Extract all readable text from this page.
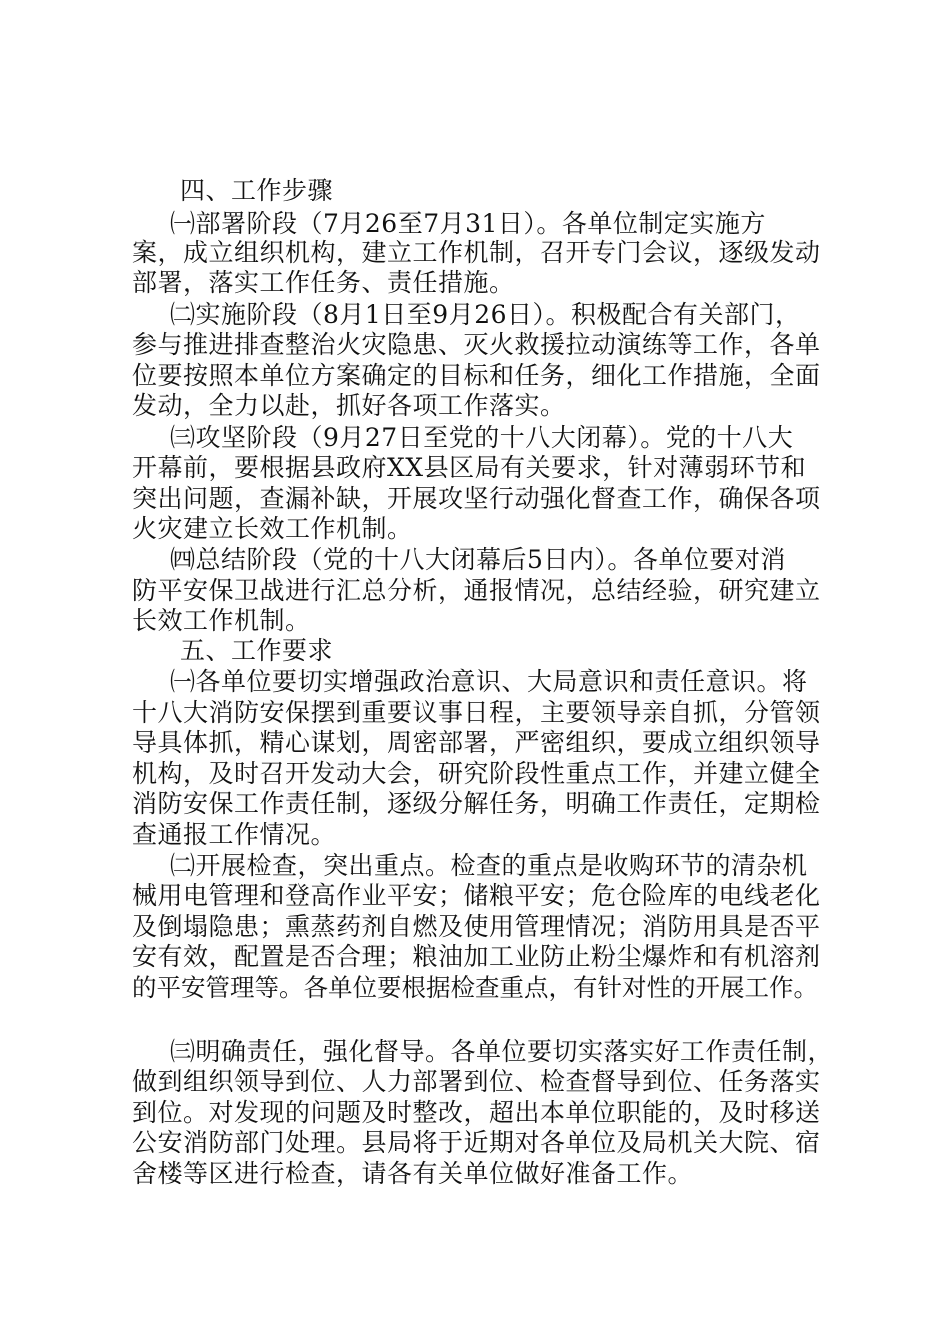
四、工作步骤
㈠部署阶段（7月26至7月31日）。各单位制定实施方
案，成立组织机构，建立工作机制，召开专门会议，逐级发动
部署，落实工作任务、责任措施。
㈡实施阶段（8月1日至9月26日）。积极配合有关部门，
参与推进排查整治火灾隐患、灭火救援拉动演练等工作，各单
位要按照本单位方案确定的目标和任务，细化工作措施，全面
发动，全力以赴，抓好各项工作落实。
㈢攻坚阶段（9月27日至党的十八大闭幕）。党的十八大
开幕前，要根据县政府XX县区局有关要求，针对薄弱环节和
突出问题，查漏补缺，开展攻坚行动强化督查工作，确保各项
火灾建立长效工作机制。
㈣总结阶段（党的十八大闭幕后5日内）。各单位要对消
防平安保卫战进行汇总分析，通报情况，总结经验，研究建立
长效工作机制。
五、工作要求
㈠各单位要切实增强政治意识、大局意识和责任意识。将
十八大消防安保摆到重要议事日程，主要领导亲自抓，分管领
导具体抓，精心谋划，周密部署，严密组织，要成立组织领导
机构，及时召开发动大会，研究阶段性重点工作，并建立健全
消防安保工作责任制，逐级分解任务，明确工作责任，定期检
查通报工作情况。
㈡开展检查，突出重点。检查的重点是收购环节的清杂机
械用电管理和登高作业平安；储粮平安；危仓险库的电线老化
及倒塌隐患；熏蒸药剂自燃及使用管理情况；消防用具是否平
安有效，配置是否合理；粮油加工业防止粉尘爆炸和有机溶剂
的平安管理等。各单位要根据检查重点，有针对性的开展工作。
㈢明确责任，强化督导。各单位要切实落实好工作责任制，
做到组织领导到位、人力部署到位、检查督导到位、任务落实
到位。对发现的问题及时整改，超出本单位职能的，及时移送
公安消防部门处理。县局将于近期对各单位及局机关大院、宿
舍楼等区进行检查，请各有关单位做好准备工作。
